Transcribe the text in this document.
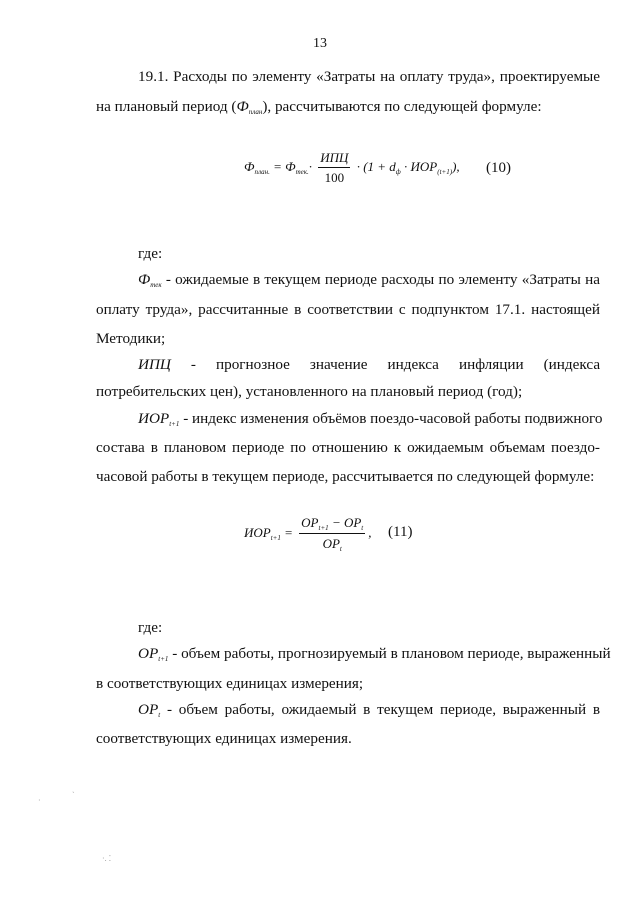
13
19.1. Расходы по элементу «Затраты на оплату труда», проектируемые
на плановый период $(Ф_{план})$, рассчитываются по следующей формуле:
$Ф_{план.} = Ф_{тек.}\cdot \frac{\text{ИПЦ}}{100} \cdot (1 + d_ф \cdot ИОР_{(t+1)})$, (10)
где:
$Ф_{тек}$ - ожидаемые в текущем периоде расходы по элементу «Затраты на
оплату труда», рассчитанные в соответствии с подпунктом 17.1. настоящей
Методики;
ИПЦ - прогнозное значение индекса инфляции (индекса
потребительских цен), установленного на плановый период (год);
$ИОР_{t+1}$ - индекс изменения объёмов поездо-часовой работы подвижного
состава в плановом периоде по отношению к ожидаемым объемам поездо-
часовой работы в текущем периоде, рассчитывается по следующей формуле:
$ИОР_{t+1} = \frac{ОР_{t+1} - ОР_t}{ОР_t}$ , (11)
где:
$ОР_{t+1}$ - объем работы, прогнозируемый в плановом периоде, выраженный
в соответствующих единицах измерения;
$ОР_t$ - объем работы, ожидаемый в текущем периоде, выраженный в
соответствующих единицах измерения.
ˏ
·
·. ⁚
